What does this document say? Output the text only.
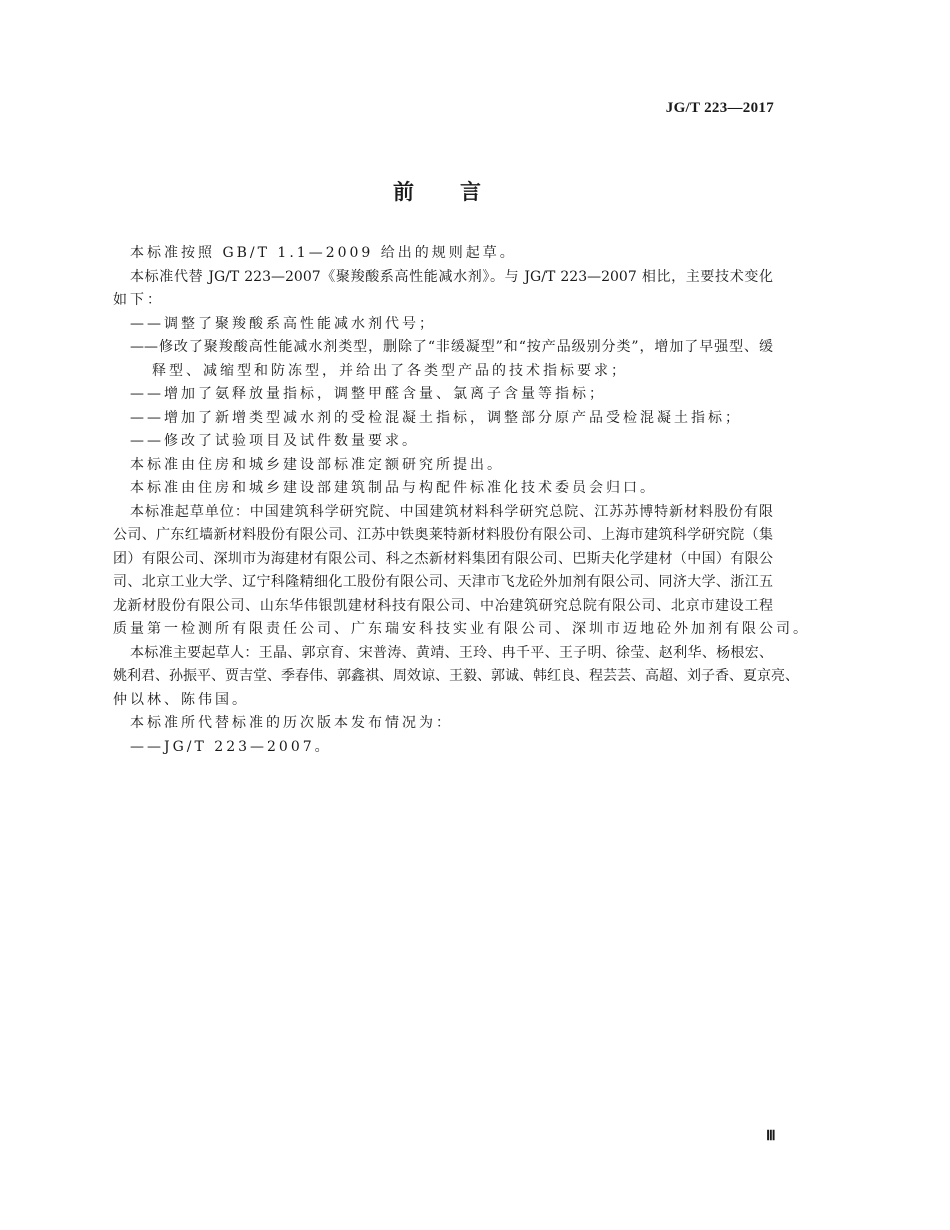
JG/T 223—2017
前 言
本标准按照 GB/T 1.1—2009 给出的规则起草。
本标准代替 JG/T 223—2007《聚羧酸系高性能减水剂》。与 JG/T 223—2007 相比，主要技术变化
如下：
——调整了聚羧酸系高性能减水剂代号；
——修改了聚羧酸高性能减水剂类型，删除了“非缓凝型”和“按产品级别分类”，增加了早强型、缓
释型、减缩型和防冻型，并给出了各类型产品的技术指标要求；
——增加了氨释放量指标，调整甲醛含量、氯离子含量等指标；
——增加了新增类型减水剂的受检混凝土指标，调整部分原产品受检混凝土指标；
——修改了试验项目及试件数量要求。
本标准由住房和城乡建设部标准定额研究所提出。
本标准由住房和城乡建设部建筑制品与构配件标准化技术委员会归口。
本标准起草单位：中国建筑科学研究院、中国建筑材料科学研究总院、江苏苏博特新材料股份有限
公司、广东红墙新材料股份有限公司、江苏中铁奥莱特新材料股份有限公司、上海市建筑科学研究院（集
团）有限公司、深圳市为海建材有限公司、科之杰新材料集团有限公司、巴斯夫化学建材（中国）有限公
司、北京工业大学、辽宁科隆精细化工股份有限公司、天津市飞龙砼外加剂有限公司、同济大学、浙江五
龙新材股份有限公司、山东华伟银凯建材科技有限公司、中冶建筑研究总院有限公司、北京市建设工程
质量第一检测所有限责任公司、广东瑞安科技实业有限公司、深圳市迈地砼外加剂有限公司。
本标准主要起草人：王晶、郭京育、宋普涛、黄靖、王玲、冉千平、王子明、徐莹、赵利华、杨根宏、
姚利君、孙振平、贾吉堂、季春伟、郭鑫祺、周效谅、王毅、郭诚、韩红良、程芸芸、高超、刘子香、夏京亮、
仲以林、陈伟国。
本标准所代替标准的历次版本发布情况为：
——JG/T 223—2007。
Ⅲ
